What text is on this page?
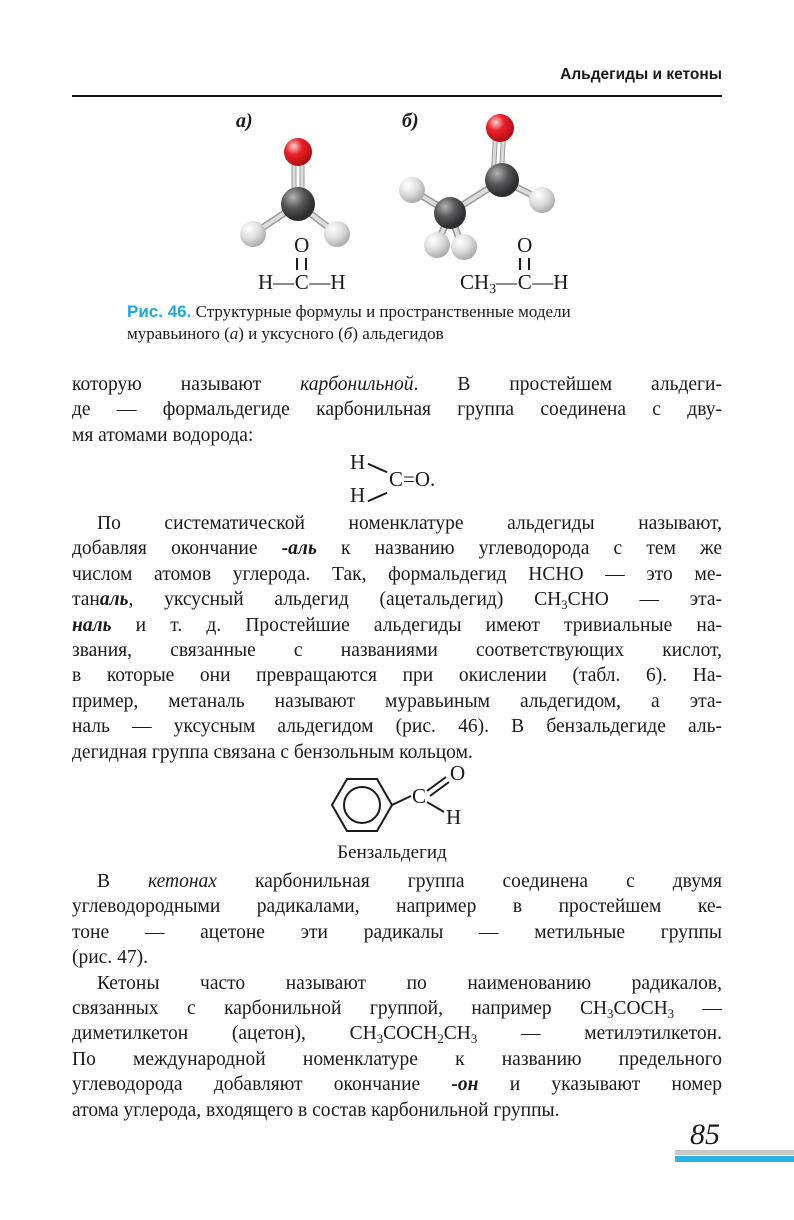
Альдегиды и кетоны
а)	б)
O
H— C —H
O
$CH_3—$ C —H
Рис. 46. Структурные формулы и пространственные модели
муравьиного (а) и уксусного (б) альдегидов
которую называют карбонильной. В простейшем альдеги-
де — формальдегиде карбонильная группа соединена с дву-
мя атомами водорода:
H
H
C=O.
По систематической номенклатуре альдегиды называют,
добавляя окончание -аль к названию углеводорода с тем же
числом атомов углерода. Так, формальдегид HCHO — это ме-
таналь, уксусный альдегид (ацетальдегид) $CH_3CHO$ — эта-
наль и т. д. Простейшие альдегиды имеют тривиальные на-
звания, связанные с названиями соответствующих кислот,
в которые они превращаются при окислении (табл. 6). На-
пример, метаналь называют муравьиным альдегидом, а эта-
наль — уксусным альдегидом (рис. 46). В бензальдегиде аль-
дегидная группа связана с бензольным кольцом.
C
O
H
Бензальдегид
В кетонах карбонильная группа соединена с двумя
углеводородными радикалами, например в простейшем ке-
тоне — ацетоне эти радикалы — метильные группы
(рис. 47).
Кетоны часто называют по наименованию радикалов,
связанных с карбонильной группой, например $CH_3COCH_3$ —
диметилкетон (ацетон), $CH_3COCH_2CH_3$ — метилэтилкетон.
По международной номенклатуре к названию предельного
углеводорода добавляют окончание -он и указывают номер
атома углерода, входящего в состав карбонильной группы.
85
